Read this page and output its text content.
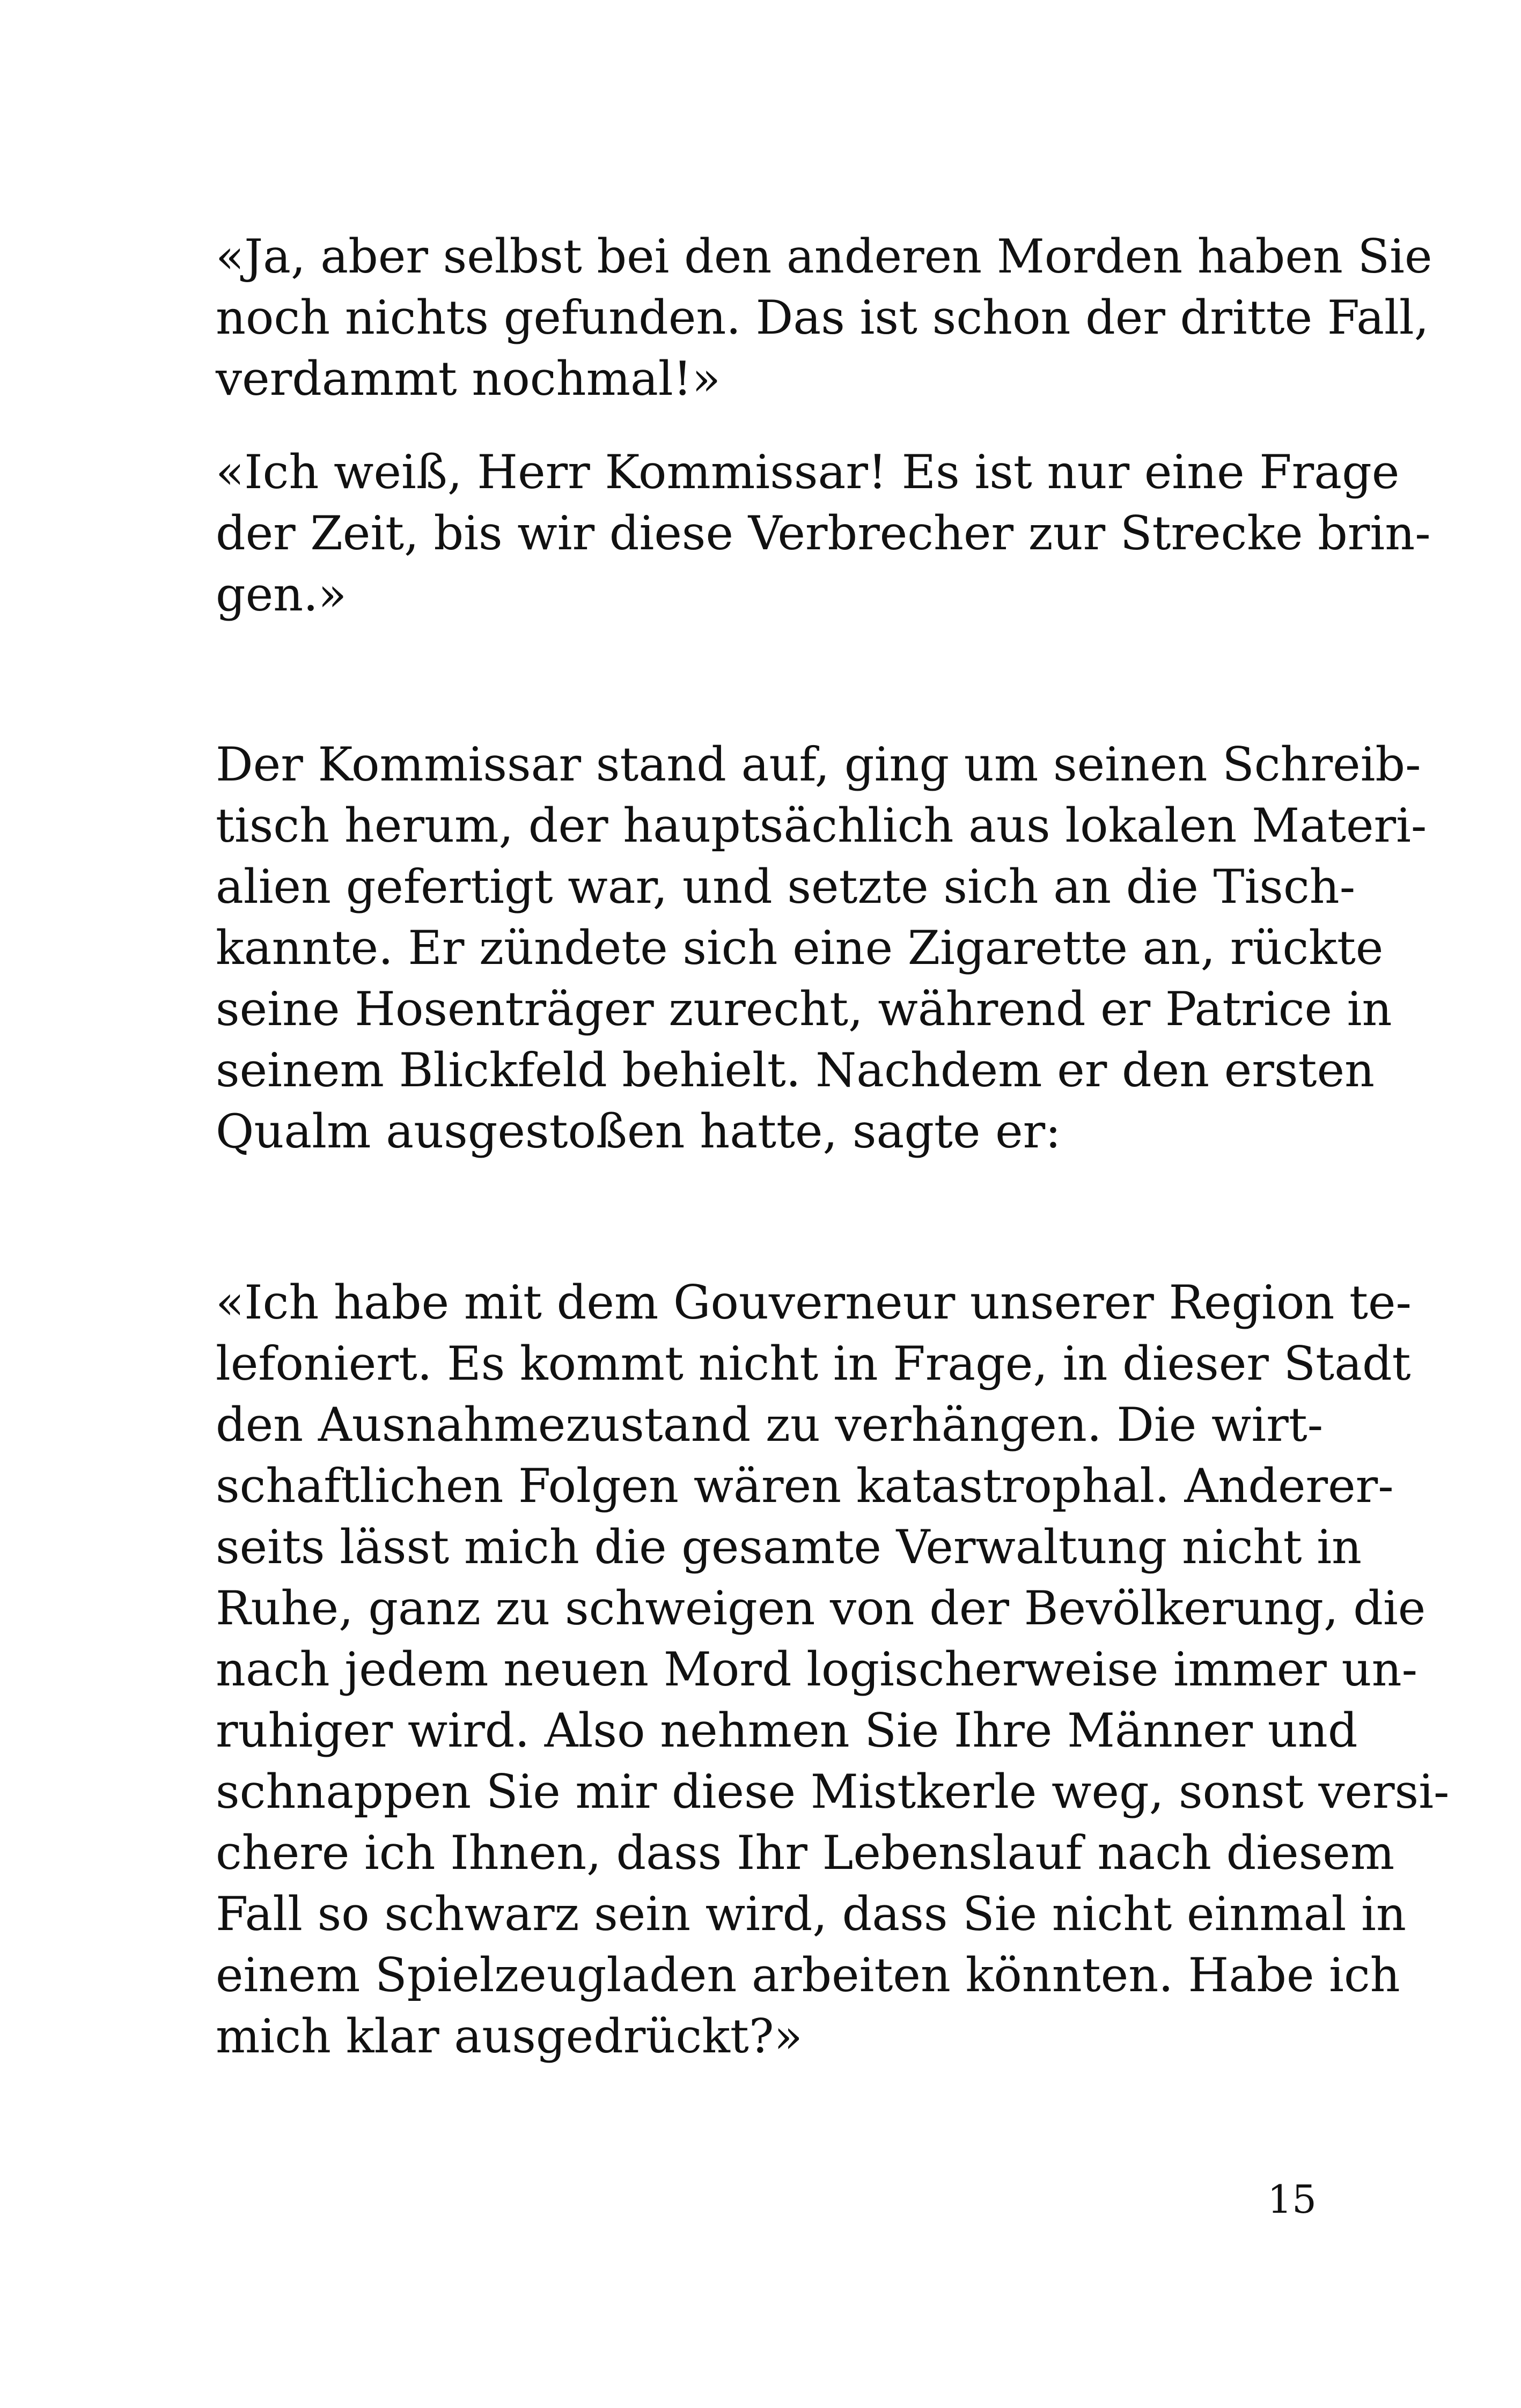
«Ja, aber selbst bei den anderen Morden haben Sie
noch nichts gefunden. Das ist schon der dritte Fall,
verdammt nochmal!»
«Ich weiß, Herr Kommissar! Es ist nur eine Frage
der Zeit, bis wir diese Verbrecher zur Strecke brin-
gen.»
Der Kommissar stand auf, ging um seinen Schreib-
tisch herum, der hauptsächlich aus lokalen Materi-
alien gefertigt war, und setzte sich an die Tisch-
kannte. Er zündete sich eine Zigarette an, rückte
seine Hosenträger zurecht, während er Patrice in
seinem Blickfeld behielt. Nachdem er den ersten
Qualm ausgestoßen hatte, sagte er:
«Ich habe mit dem Gouverneur unserer Region te-
lefoniert. Es kommt nicht in Frage, in dieser Stadt
den Ausnahmezustand zu verhängen. Die wirt-
schaftlichen Folgen wären katastrophal. Anderer-
seits lässt mich die gesamte Verwaltung nicht in
Ruhe, ganz zu schweigen von der Bevölkerung, die
nach jedem neuen Mord logischerweise immer un-
ruhiger wird. Also nehmen Sie Ihre Männer und
schnappen Sie mir diese Mistkerle weg, sonst versi-
chere ich Ihnen, dass Ihr Lebenslauf nach diesem
Fall so schwarz sein wird, dass Sie nicht einmal in
einem Spielzeugladen arbeiten könnten. Habe ich
mich klar ausgedrückt?»
15
